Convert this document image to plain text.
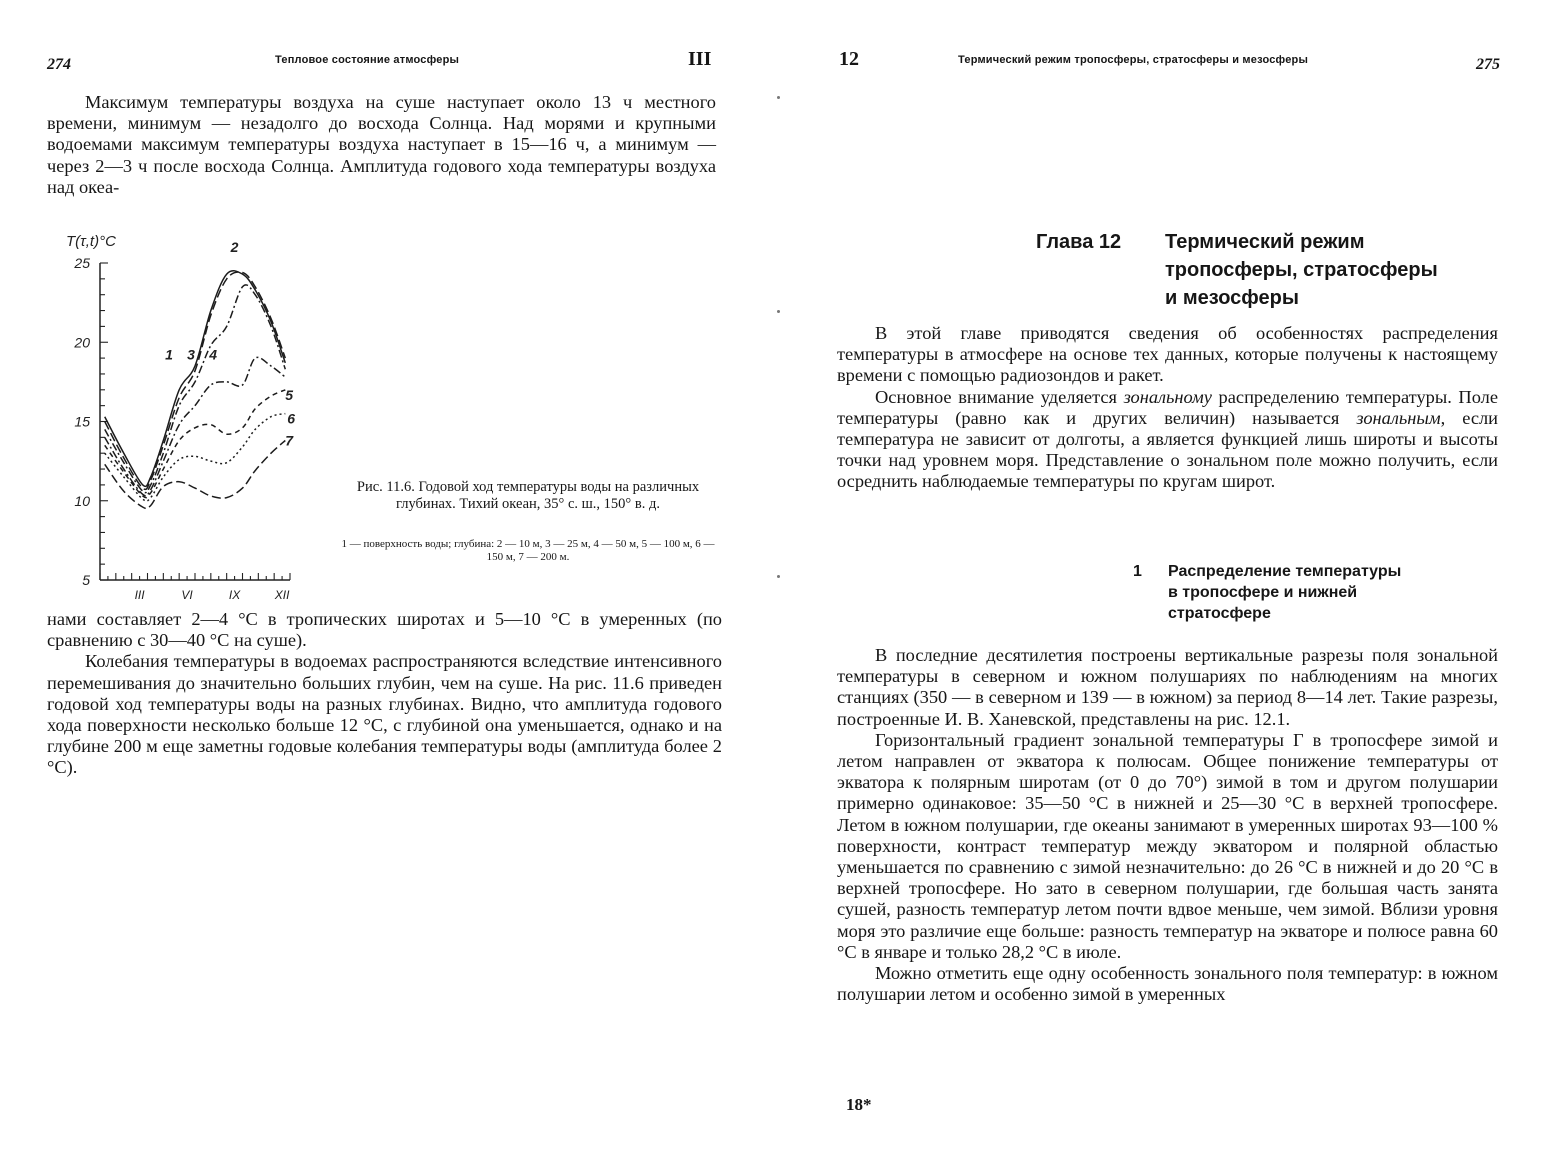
274	Тепловое состояние атмосферы	III

Максимум температуры воздуха на суше наступает около 13 ч местного времени, минимум — незадолго до восхода Солнца. Над морями и крупными водоемами максимум температуры воздуха наступает в 15—16 ч, а минимум — через 2—3 ч после восхода Солнца. Амплитуда годового хода температуры воздуха над океа-

5
10
15
20
25
III	VI	IX	XII
T(τ,t)°C
1
2
3 4
5
6
7
Рис. 11.6. Годовой ход температуры воды на различных глубинах. Тихий океан, 35° с. ш., 150° в. д.
1 — поверхность воды; глубина: 2 — 10 м, 3 — 25 м, 4 — 50 м, 5 — 100 м, 6 — 150 м, 7 — 200 м.

нами составляет 2—4 °C в тропических широтах и 5—10 °C в умеренных (по сравнению с 30—40 °C на суше).

Колебания температуры в водоемах распространяются вследствие интенсивного перемешивания до значительно больших глубин, чем на суше. На рис. 11.6 приведен годовой ход температуры воды на разных глубинах. Видно, что амплитуда годового хода поверхности несколько больше 12 °C, с глубиной она уменьшается, однако и на глубине 200 м еще заметны годовые колебания температуры воды (амплитуда более 2 °C).

12	Термический режим тропосферы, стратосферы и мезосферы	275
Глава 12 Термический режим
тропосферы, стратосферы
и мезосферы

В этой главе приводятся сведения об особенностях распределения температуры в атмосфере на основе тех данных, которые получены к настоящему времени с помощью радиозондов и ракет.

Основное внимание уделяется зональному распределению температуры. Поле температуры (равно как и других величин) называется зональным, если температура не зависит от долготы, а является функцией лишь широты и высоты точки над уровнем моря. Представление о зональном поле можно получить, если осреднить наблюдаемые температуры по кругам широт.

1 Распределение температуры
в тропосфере и нижней
стратосфере

В последние десятилетия построены вертикальные разрезы поля зональной температуры в северном и южном полушариях по наблюдениям на многих станциях (350 — в северном и 139 — в южном) за период 8—14 лет. Такие разрезы, построенные И. В. Ханевской, представлены на рис. 12.1.

Горизонтальный градиент зональной температуры Г в тропосфере зимой и летом направлен от экватора к полюсам. Общее понижение температуры от экватора к полярным широтам (от 0 до 70°) зимой в том и другом полушарии примерно одинаковое: 35—50 °C в нижней и 25—30 °C в верхней тропосфере. Летом в южном полушарии, где океаны занимают в умеренных широтах 93—100 % поверхности, контраст температур между экватором и полярной областью уменьшается по сравнению с зимой незначительно: до 26 °C в нижней и до 20 °C в верхней тропосфере. Но зато в северном полушарии, где большая часть занята сушей, разность температур летом почти вдвое меньше, чем зимой. Вблизи уровня моря это различие еще больше: разность температур на экваторе и полюсе равна 60 °C в январе и только 28,2 °C в июле.

Можно отметить еще одну особенность зонального поля температур: в южном полушарии летом и особенно зимой в умеренных

18*
